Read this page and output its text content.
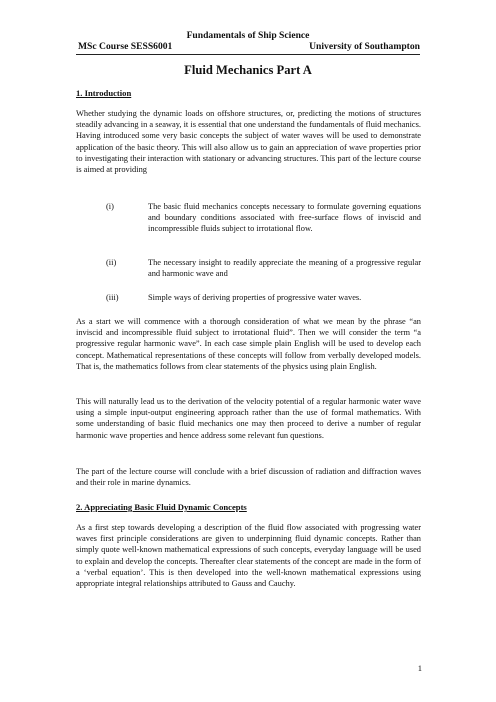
Fundamentals of Ship Science
MSc Course SESS6001	University of Southampton
Fluid Mechanics Part A
1. Introduction
Whether studying the dynamic loads on offshore structures, or, predicting the motions of structures steadily advancing in a seaway, it is essential that one understand the fundamentals of fluid mechanics. Having introduced some very basic concepts the subject of water waves will be used to demonstrate application of the basic theory. This will also allow us to gain an appreciation of wave properties prior to investigating their interaction with stationary or advancing structures. This part of the lecture course is aimed at providing
(i)	The basic fluid mechanics concepts necessary to formulate governing equations and boundary conditions associated with free-surface flows of inviscid and incompressible fluids subject to irrotational flow.
(ii)	The necessary insight to readily appreciate the meaning of a progressive regular and harmonic wave and
(iii)	Simple ways of deriving properties of progressive water waves.
As a start we will commence with a thorough consideration of what we mean by the phrase “an inviscid and incompressible fluid subject to irrotational fluid”. Then we will consider the term “a progressive regular harmonic wave”. In each case simple plain English will be used to develop each concept. Mathematical representations of these concepts will follow from verbally developed models. That is, the mathematics follows from clear statements of the physics using plain English.
This will naturally lead us to the derivation of the velocity potential of a regular harmonic water wave using a simple input-output engineering approach rather than the use of formal mathematics. With some understanding of basic fluid mechanics one may then proceed to derive a number of regular harmonic wave properties and hence address some relevant fun questions.
The part of the lecture course will conclude with a brief discussion of radiation and diffraction waves and their role in marine dynamics.
2. Appreciating Basic Fluid Dynamic Concepts
As a first step towards developing a description of the fluid flow associated with progressing water waves first principle considerations are given to underpinning fluid dynamic concepts. Rather than simply quote well-known mathematical expressions of such concepts, everyday language will be used to explain and develop the concepts. Thereafter clear statements of the concept are made in the form of a ‘verbal equation’. This is then developed into the well-known mathematical expressions using appropriate integral relationships attributed to Gauss and Cauchy.
1
